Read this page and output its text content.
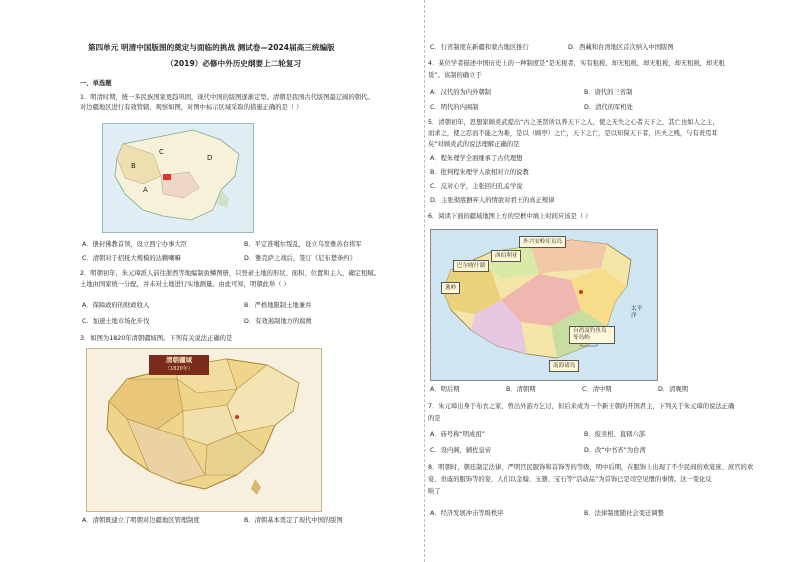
第四单元 明清中国版图的奠定与面临的挑战 测试卷—2024届高三统编版
（2019）必修中外历史纲要上二轮复习
一、单选题
1．明清时期，统一多民族国家更趋巩固，现代中国的版图逐渐定型。清朝是我国古代版图最辽阔的朝代。
对边疆地区进行有效管辖，观察如图，对图中标示区域采取的措施正确的是（ ）
B
C
A
D
A．册封佛教首领，设立西宁办事大臣	B．平定准噶尔叛乱，设立乌里雅苏台将军
C．清朝对于招抚大规模的达赖喇嘛	D．雅克萨之战后，签订《尼布楚条约》
2．明朝初年，朱元璋派人前往浙西等地编制鱼鳞图册，只登录土地的形状、面积、位置和主人，确定租赋。
土地由国家统一分配，并未对土地进行实地测量。由此可知，明朝此举（ ）
A．保障政府的财政收入	B．严格地限制土地兼并
C．加速土地市场化步伐	D．有效遏制地方的腐败
3．如图为1820年清朝疆域图。下列有关说法正确的是
清朝疆域
（1820年）
A．清朝既建立了明朝对边疆地区管理制度	B．清朝基本奠定了现代中国的版图
C．行省制度在新疆和蒙古地区推行	D．西藏和台湾地区首次纳入中国版图
4．某位学者描述中国历史上的一种制度是“是无税者，实有租税，却无租税，却无租税，却无租税，却无租
赁”。该制的确立于
A．汉代的为内外朝制	B．唐代的三省制
C．明代的内阁制	D．清代的军机处
5．清朝初年，思想家顾炎武提出“古之圣贤所以养天下之人，使之无失之心者天下之，其亡也如人之主，
而求之，使之忍而不能之为难，是以（顾亭）之亡，天下之亡，是以知保天下者，匹夫之贱，与有责焉耳
矣”对顾炎武的说法理解正确的是
A．程朱理学全面继承了古代理想
B．批判程朱理学人欲相对立的说教
C．反对心学，主张回归孔孟学说
D．主张彻底摒弃人的情欲对君王的真正规律
6．阅读下面的疆域地图上方的空框中填上时间应该是（ ）
外兴安岭库页岛
巴尔喀什湖
西伯利亚
葱岭
台湾及钓鱼岛等岛屿
南海诸岛
太平洋
A．明后期	B．清朝期	C．清中期	D．清晚期
7．朱元璋出身于布衣之家，曾出外游方乞讨，但后来成为一个新王朝的开国君主，下列关于朱元璋的说法正确
的是
A．庙号称“明成祖”	B．废丞相、直辖六部
C．设内阁，辅佐皇帝	D．改“中书省”为台湾
8．明朝时，朝廷制定法律，严明官民服饰和首饰等的等级，明中后期，在服饰上出现了不少民间的欢宴庶、庶官的欢
宴、贵戚的服饰等的宴，人们以金翰、玉器、宝石等“活动品”为首饰已是司空见惯的事情。这一变化反
映了
A．经济发展冲击等级秩序	B．法律制度随社会变迁调整
